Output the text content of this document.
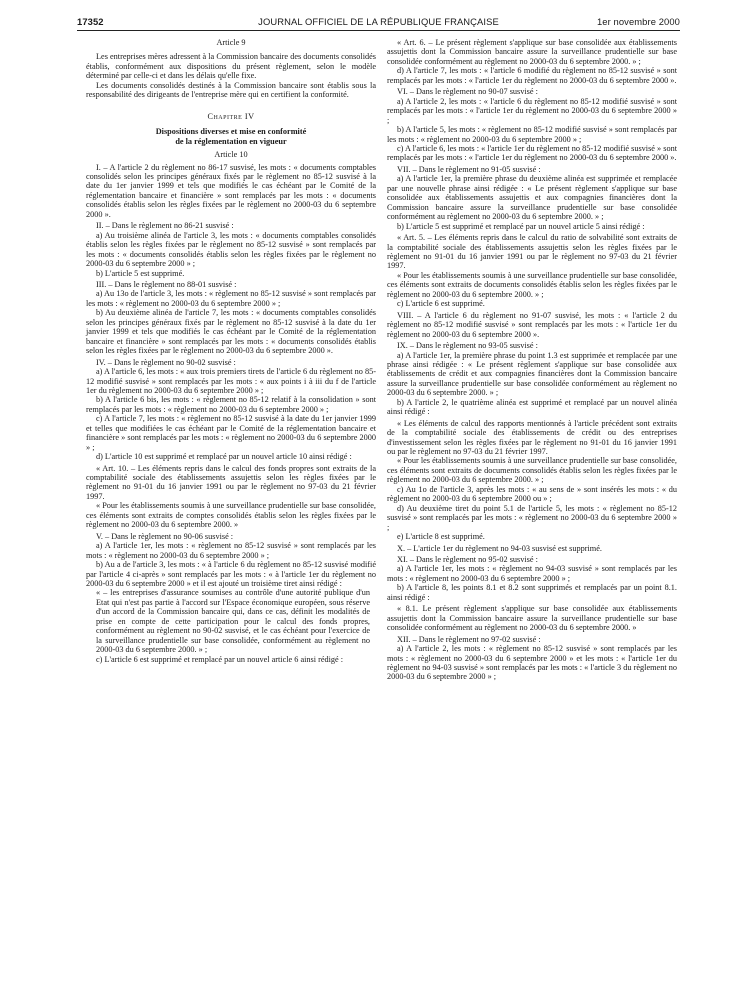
17352	JOURNAL OFFICIEL DE LA RÉPUBLIQUE FRANÇAISE	1er novembre 2000

Article 9

Les entreprises mères adressent à la Commission bancaire des documents consolidés établis, conformément aux dispositions du présent règlement, selon le modèle déterminé par celle-ci et dans les délais qu'elle fixe.

Les documents consolidés destinés à la Commission bancaire sont établis sous la responsabilité des dirigeants de l'entreprise mère qui en certifient la conformité.

Chapitre IV

Dispositions diverses et mise en conformité
de la réglementation en vigueur

Article 10

I. – A l'article 2 du règlement no 86-17 susvisé, les mots : « documents comptables consolidés selon les principes généraux fixés par le règlement no 85-12 susvisé à la date du 1er janvier 1999 et tels que modifiés le cas échéant par le Comité de la réglementation bancaire et financière » sont remplacés par les mots : « documents consolidés établis selon les règles fixées par le règlement no 2000-03 du 6 septembre 2000 ».

II. – Dans le règlement no 86-21 susvisé :

a) Au troisième alinéa de l'article 3, les mots : « documents comptables consolidés établis selon les règles fixées par le règlement no 85-12 susvisé » sont remplacés par les mots : « documents consolidés établis selon les règles fixées par le règlement no 2000-03 du 6 septembre 2000 » ;

b) L'article 5 est supprimé.

III. – Dans le règlement no 88-01 susvisé :

a) Au 13o de l'article 3, les mots : « règlement no 85-12 susvisé » sont remplacés par les mots : « règlement no 2000-03 du 6 septembre 2000 » ;

b) Au deuxième alinéa de l'article 7, les mots : « documents comptables consolidés selon les principes généraux fixés par le règlement no 85-12 susvisé à la date du 1er janvier 1999 et tels que modifiés le cas échéant par le Comité de la réglementation bancaire et financière » sont remplacés par les mots : « documents consolidés établis selon les règles fixées par le règlement no 2000-03 du 6 septembre 2000 ».

IV. – Dans le règlement no 90-02 susvisé :

a) A l'article 6, les mots : « aux trois premiers tirets de l'article 6 du règlement no 85-12 modifié susvisé » sont remplacés par les mots : « aux points i à iii du f de l'article 1er du règlement no 2000-03 du 6 septembre 2000 » ;

b) A l'article 6 bis, les mots : « règlement no 85-12 relatif à la consolidation » sont remplacés par les mots : « règlement no 2000-03 du 6 septembre 2000 » ;

c) A l'article 7, les mots : « règlement no 85-12 susvisé à la date du 1er janvier 1999 et telles que modifiées le cas échéant par le Comité de la réglementation bancaire et financière » sont remplacés par les mots : « règlement no 2000-03 du 6 septembre 2000 » ;

d) L'article 10 est supprimé et remplacé par un nouvel article 10 ainsi rédigé :

« Art. 10. – Les éléments repris dans le calcul des fonds propres sont extraits de la comptabilité sociale des établissements assujettis selon les règles fixées par le règlement no 91-01 du 16 janvier 1991 ou par le règlement no 97-03 du 21 février 1997.

« Pour les établissements soumis à une surveillance prudentielle sur base consolidée, ces éléments sont extraits de comptes consolidés établis selon les règles fixées par le règlement no 2000-03 du 6 septembre 2000. »

V. – Dans le règlement no 90-06 susvisé :

a) A l'article 1er, les mots : « règlement no 85-12 susvisé » sont remplacés par les mots : « règlement no 2000-03 du 6 septembre 2000 » ;

b) Au a de l'article 3, les mots : « à l'article 6 du règlement no 85-12 susvisé modifié par l'article 4 ci-après » sont remplacés par les mots : « à l'article 1er du règlement no 2000-03 du 6 septembre 2000 » et il est ajouté un troisième tiret ainsi rédigé :

« – les entreprises d'assurance soumises au contrôle d'une autorité publique d'un Etat qui n'est pas partie à l'accord sur l'Espace économique européen, sous réserve d'un accord de la Commission bancaire qui, dans ce cas, définit les modalités de prise en compte de cette participation pour le calcul des fonds propres, conformément au règlement no 90-02 susvisé, et le cas échéant pour l'exercice de la surveillance prudentielle sur base consolidée, conformément au règlement no 2000-03 du 6 septembre 2000. » ;

c) L'article 6 est supprimé et remplacé par un nouvel article 6 ainsi rédigé :

« Art. 6. – Le présent règlement s'applique sur base consolidée aux établissements assujettis dont la Commission bancaire assure la surveillance prudentielle sur base consolidée conformément au règlement no 2000-03 du 6 septembre 2000. » ;

d) A l'article 7, les mots : « l'article 6 modifié du règlement no 85-12 susvisé » sont remplacés par les mots : « l'article 1er du règlement no 2000-03 du 6 septembre 2000 ».

VI. – Dans le règlement no 90-07 susvisé :

a) A l'article 2, les mots : « l'article 6 du règlement no 85-12 modifié susvisé » sont remplacés par les mots : « l'article 1er du règlement no 2000-03 du 6 septembre 2000 » ;

b) A l'article 5, les mots : « règlement no 85-12 modifié susvisé » sont remplacés par les mots : « règlement no 2000-03 du 6 septembre 2000 » ;

c) A l'article 6, les mots : « l'article 1er du règlement no 85-12 modifié susvisé » sont remplacés par les mots : « l'article 1er du règlement no 2000-03 du 6 septembre 2000 ».

VII. – Dans le règlement no 91-05 susvisé :

a) A l'article 1er, la première phrase du deuxième alinéa est supprimée et remplacée par une nouvelle phrase ainsi rédigée : « Le présent règlement s'applique sur base consolidée aux établissements assujettis et aux compagnies financières dont la Commission bancaire assure la surveillance prudentielle sur base consolidée conformément au règlement no 2000-03 du 6 septembre 2000. » ;

b) L'article 5 est supprimé et remplacé par un nouvel article 5 ainsi rédigé :

« Art. 5. – Les éléments repris dans le calcul du ratio de solvabilité sont extraits de la comptabilité sociale des établissements assujettis selon les règles fixées par le règlement no 91-01 du 16 janvier 1991 ou par le règlement no 97-03 du 21 février 1997.

« Pour les établissements soumis à une surveillance prudentielle sur base consolidée, ces éléments sont extraits de documents consolidés établis selon les règles fixées par le règlement no 2000-03 du 6 septembre 2000. » ;

c) L'article 6 est supprimé.

VIII. – A l'article 6 du règlement no 91-07 susvisé, les mots : « l'article 2 du règlement no 85-12 modifié susvisé » sont remplacés par les mots : « l'article 1er du règlement no 2000-03 du 6 septembre 2000 ».

IX. – Dans le règlement no 93-05 susvisé :

a) A l'article 1er, la première phrase du point 1.3 est supprimée et remplacée par une phrase ainsi rédigée : « Le présent règlement s'applique sur base consolidée aux établissements de crédit et aux compagnies financières dont la Commission bancaire assure la surveillance prudentielle sur base consolidée conformément au règlement no 2000-03 du 6 septembre 2000. » ;

b) A l'article 2, le quatrième alinéa est supprimé et remplacé par un nouvel alinéa ainsi rédigé :

« Les éléments de calcul des rapports mentionnés à l'article précédent sont extraits de la comptabilité sociale des établissements de crédit ou des entreprises d'investissement selon les règles fixées par le règlement no 91-01 du 16 janvier 1991 ou par le règlement no 97-03 du 21 février 1997.

« Pour les établissements soumis à une surveillance prudentielle sur base consolidée, ces éléments sont extraits de documents consolidés établis selon les règles fixées par le règlement no 2000-03 du 6 septembre 2000. » ;

c) Au 1o de l'article 3, après les mots : « au sens de » sont insérés les mots : « du règlement no 2000-03 du 6 septembre 2000 ou » ;

d) Au deuxième tiret du point 5.1 de l'article 5, les mots : « règlement no 85-12 susvisé » sont remplacés par les mots : « règlement no 2000-03 du 6 septembre 2000 » ;

e) L'article 8 est supprimé.

X. – L'article 1er du règlement no 94-03 susvisé est supprimé.

XI. – Dans le règlement no 95-02 susvisé :

a) A l'article 1er, les mots : « règlement no 94-03 susvisé » sont remplacés par les mots : « règlement no 2000-03 du 6 septembre 2000 » ;

b) A l'article 8, les points 8.1 et 8.2 sont supprimés et remplacés par un point 8.1. ainsi rédigé :

« 8.1. Le présent règlement s'applique sur base consolidée aux établissements assujettis dont la Commission bancaire assure la surveillance prudentielle sur base consolidée conformément au règlement no 2000-03 du 6 septembre 2000. »

XII. – Dans le règlement no 97-02 susvisé :

a) A l'article 2, les mots : « règlement no 85-12 susvisé » sont remplacés par les mots : « règlement no 2000-03 du 6 septembre 2000 » et les mots : « l'article 1er du règlement no 94-03 susvisé » sont remplacés par les mots : « l'article 3 du règlement no 2000-03 du 6 septembre 2000 » ;
